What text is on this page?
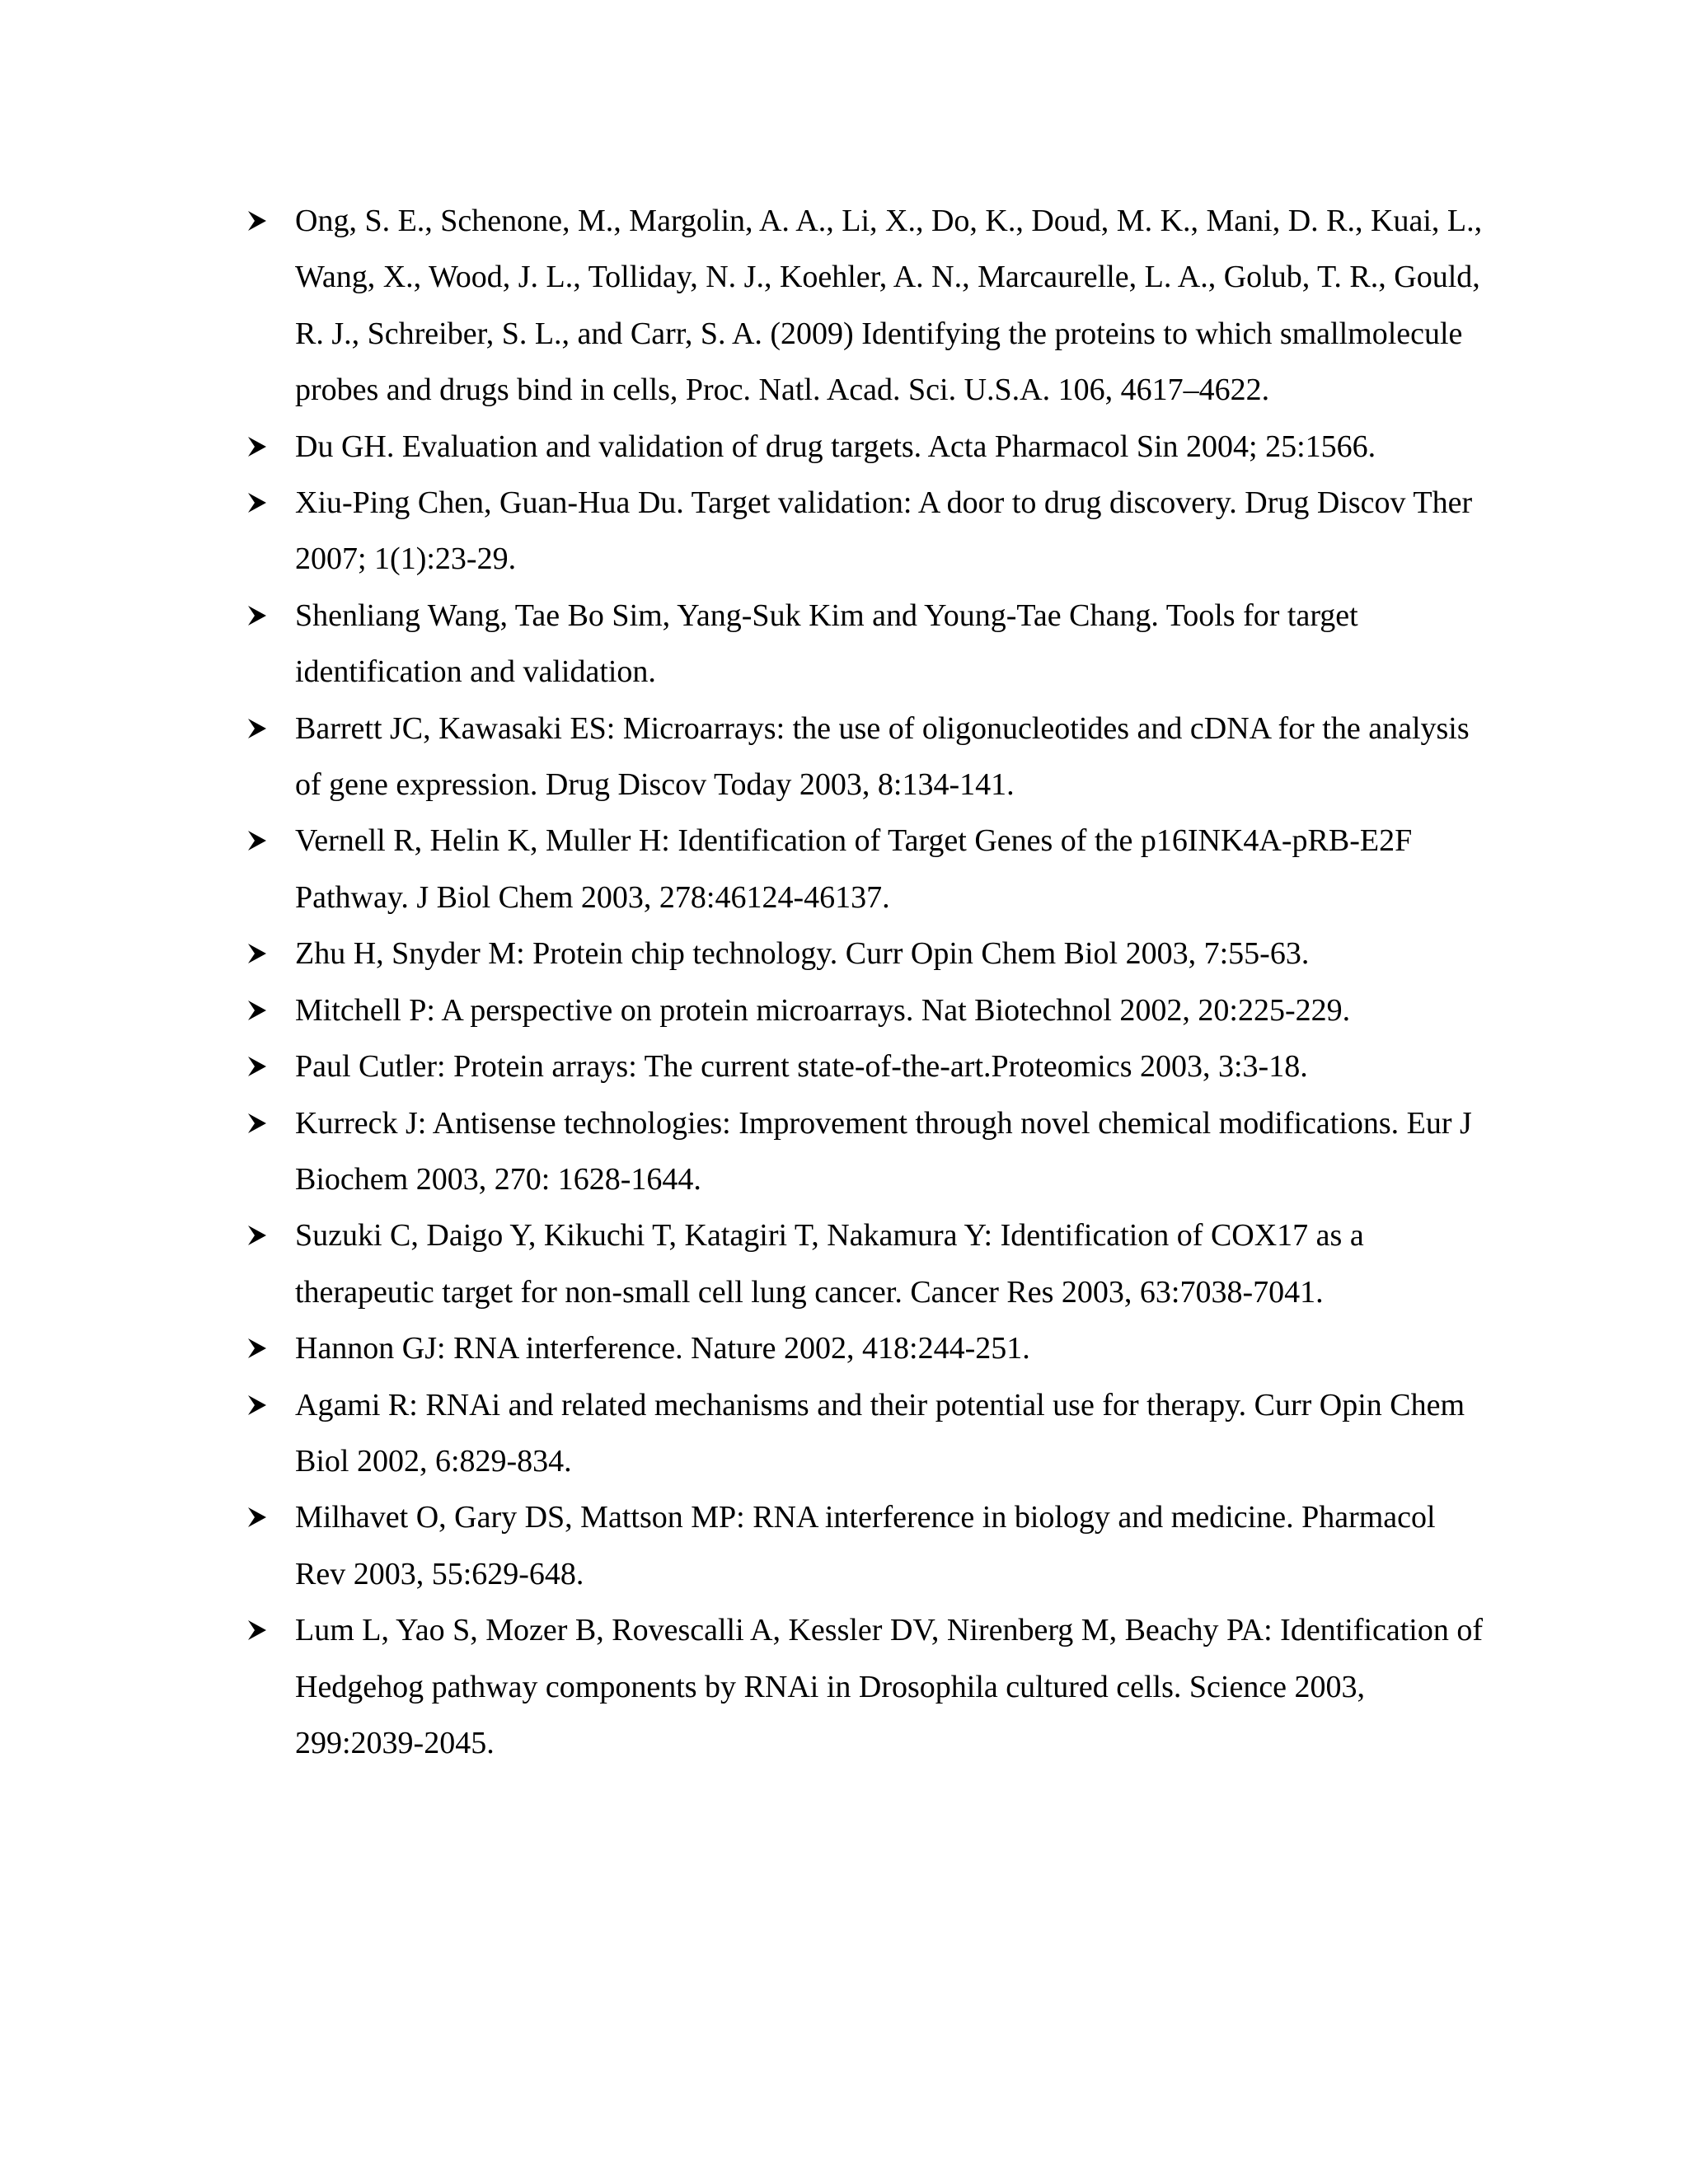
Ong, S. E., Schenone, M., Margolin, A. A., Li, X., Do, K., Doud, M. K., Mani, D. R., Kuai, L., Wang, X., Wood, J. L., Tolliday, N. J., Koehler, A. N., Marcaurelle, L. A., Golub, T. R., Gould, R. J., Schreiber, S. L., and Carr, S. A. (2009) Identifying the proteins to which smallmolecule probes and drugs bind in cells, Proc. Natl. Acad. Sci. U.S.A. 106, 4617–4622.
Du GH. Evaluation and validation of drug targets. Acta Pharmacol Sin 2004; 25:1566.
Xiu-Ping Chen, Guan-Hua Du. Target validation: A door to drug discovery. Drug Discov Ther 2007; 1(1):23-29.
Shenliang Wang, Tae Bo Sim, Yang-Suk Kim and Young-Tae Chang. Tools for target identification and validation.
Barrett JC, Kawasaki ES: Microarrays: the use of oligonucleotides and cDNA for the analysis of gene expression. Drug Discov Today 2003, 8:134-141.
Vernell R, Helin K, Muller H: Identification of Target Genes of the p16INK4A-pRB-E2F Pathway. J Biol Chem 2003, 278:46124-46137.
Zhu H, Snyder M: Protein chip technology. Curr Opin Chem Biol 2003, 7:55-63.
Mitchell P: A perspective on protein microarrays. Nat Biotechnol 2002, 20:225-229.
Paul Cutler: Protein arrays: The current state-of-the-art.Proteomics 2003, 3:3-18.
Kurreck J: Antisense technologies: Improvement through novel chemical modifications. Eur J Biochem 2003, 270: 1628-1644.
Suzuki C, Daigo Y, Kikuchi T, Katagiri T, Nakamura Y: Identification of COX17 as a therapeutic target for non-small cell lung cancer. Cancer Res 2003, 63:7038-7041.
Hannon GJ: RNA interference. Nature 2002, 418:244-251.
Agami R: RNAi and related mechanisms and their potential use for therapy. Curr Opin Chem Biol 2002, 6:829-834.
Milhavet O, Gary DS, Mattson MP: RNA interference in biology and medicine. Pharmacol Rev 2003, 55:629-648.
Lum L, Yao S, Mozer B, Rovescalli A, Kessler DV, Nirenberg M, Beachy PA: Identification of Hedgehog pathway components by RNAi in Drosophila cultured cells. Science 2003, 299:2039-2045.
